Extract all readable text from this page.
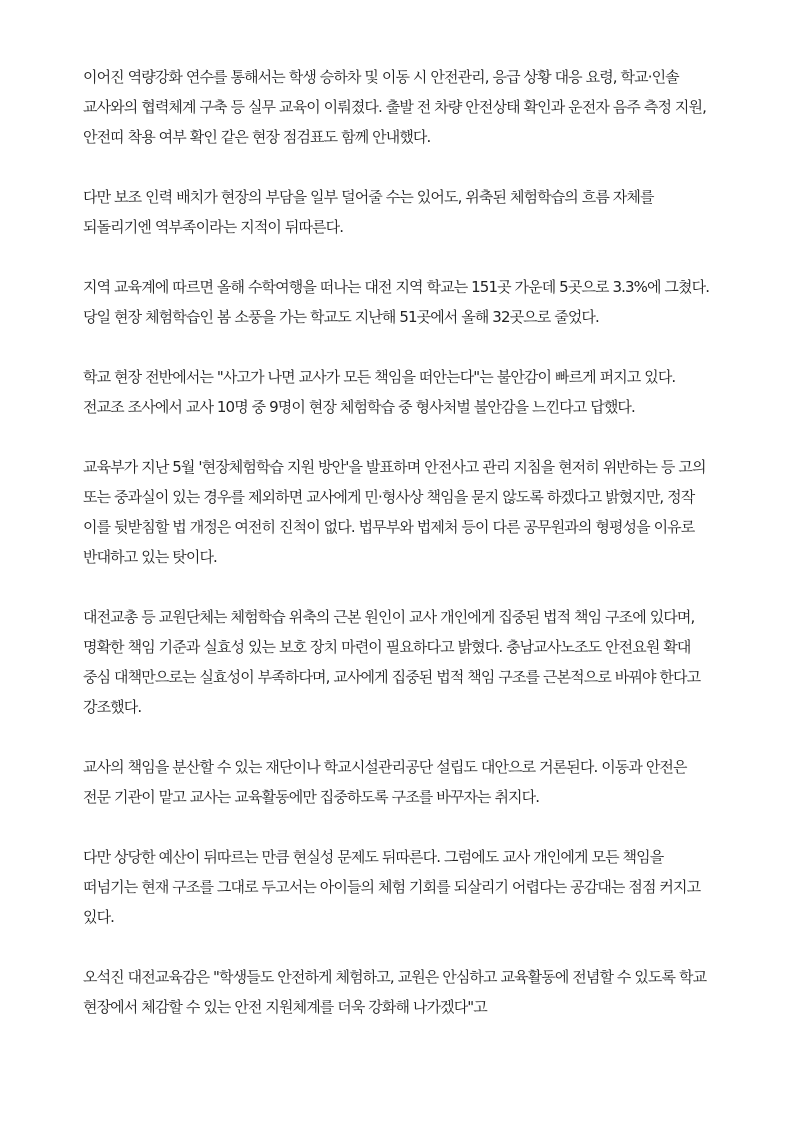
이어진 역량강화 연수를 통해서는 학생 승하차 및 이동 시 안전관리, 응급 상황 대응 요령, 학교·인솔 교사와의 협력체계 구축 등 실무 교육이 이뤄졌다. 출발 전 차량 안전상태 확인과 운전자 음주 측정 지원, 안전띠 착용 여부 확인 같은 현장 점검표도 함께 안내했다.

다만 보조 인력 배치가 현장의 부담을 일부 덜어줄 수는 있어도, 위축된 체험학습의 흐름 자체를 되돌리기엔 역부족이라는 지적이 뒤따른다.

지역 교육계에 따르면 올해 수학여행을 떠나는 대전 지역 학교는 151곳 가운데 5곳으로 3.3%에 그쳤다. 당일 현장 체험학습인 봄 소풍을 가는 학교도 지난해 51곳에서 올해 32곳으로 줄었다.

학교 현장 전반에서는 "사고가 나면 교사가 모든 책임을 떠안는다"는 불안감이 빠르게 퍼지고 있다. 전교조 조사에서 교사 10명 중 9명이 현장 체험학습 중 형사처벌 불안감을 느낀다고 답했다.

교육부가 지난 5월 '현장체험학습 지원 방안'을 발표하며 안전사고 관리 지침을 현저히 위반하는 등 고의 또는 중과실이 있는 경우를 제외하면 교사에게 민·형사상 책임을 묻지 않도록 하겠다고 밝혔지만, 정작 이를 뒷받침할 법 개정은 여전히 진척이 없다. 법무부와 법제처 등이 다른 공무원과의 형평성을 이유로 반대하고 있는 탓이다.

대전교총 등 교원단체는 체험학습 위축의 근본 원인이 교사 개인에게 집중된 법적 책임 구조에 있다며, 명확한 책임 기준과 실효성 있는 보호 장치 마련이 필요하다고 밝혔다. 충남교사노조도 안전요원 확대 중심 대책만으로는 실효성이 부족하다며, 교사에게 집중된 법적 책임 구조를 근본적으로 바꿔야 한다고 강조했다.

교사의 책임을 분산할 수 있는 재단이나 학교시설관리공단 설립도 대안으로 거론된다. 이동과 안전은 전문 기관이 맡고 교사는 교육활동에만 집중하도록 구조를 바꾸자는 취지다.

다만 상당한 예산이 뒤따르는 만큼 현실성 문제도 뒤따른다. 그럼에도 교사 개인에게 모든 책임을 떠넘기는 현재 구조를 그대로 두고서는 아이들의 체험 기회를 되살리기 어렵다는 공감대는 점점 커지고 있다.

오석진 대전교육감은 "학생들도 안전하게 체험하고, 교원은 안심하고 교육활동에 전념할 수 있도록 학교 현장에서 체감할 수 있는 안전 지원체계를 더욱 강화해 나가겠다"고
